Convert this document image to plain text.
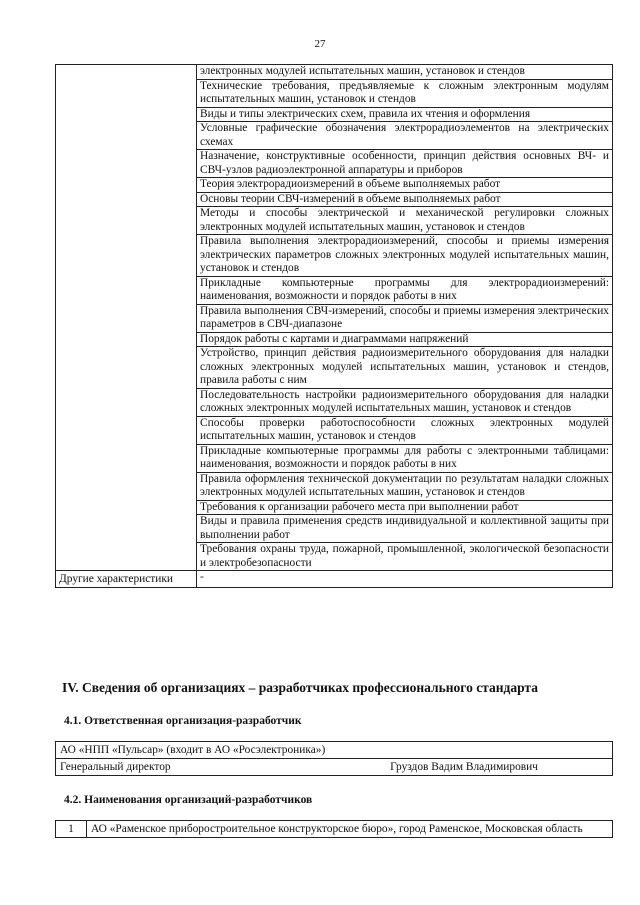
27
	электронных модулей испытательных машин, установок и стендов
	Технические требования, предъявляемые к сложным электронным модулям испытательных машин, установок и стендов
	Виды и типы электрических схем, правила их чтения и оформления
	Условные графические обозначения электрорадиоэлементов на электрических схемах
	Назначение, конструктивные особенности, принцип действия основных ВЧ- и СВЧ-узлов радиоэлектронной аппаратуры и приборов
	Теория электрорадиоизмерений в объеме выполняемых работ
	Основы теории СВЧ-измерений в объеме выполняемых работ
	Методы и способы электрической и механической регулировки сложных электронных модулей испытательных машин, установок и стендов
	Правила выполнения электрорадиоизмерений, способы и приемы измерения электрических параметров сложных электронных модулей испытательных машин, установок и стендов
	Прикладные компьютерные программы для электрорадиоизмерений: наименования, возможности и порядок работы в них
	Правила выполнения СВЧ-измерений, способы и приемы измерения электрических параметров в СВЧ-диапазоне
	Порядок работы с картами и диаграммами напряжений
	Устройство, принцип действия радиоизмерительного оборудования для наладки сложных электронных модулей испытательных машин, установок и стендов, правила работы с ним
	Последовательность настройки радиоизмерительного оборудования для наладки сложных электронных модулей испытательных машин, установок и стендов
	Способы проверки работоспособности сложных электронных модулей испытательных машин, установок и стендов
	Прикладные компьютерные программы для работы с электронными таблицами: наименования, возможности и порядок работы в них
	Правила оформления технической документации по результатам наладки сложных электронных модулей испытательных машин, установок и стендов
	Требования к организации рабочего места при выполнении работ
	Виды и правила применения средств индивидуальной и коллективной защиты при выполнении работ
	Требования охраны труда, пожарной, промышленной, экологической безопасности и электробезопасности
Другие характеристики	-
IV. Сведения об организациях – разработчиках профессионального стандарта
4.1. Ответственная организация-разработчик
АО «НПП «Пульсар» (входит в АО «Росэлектроника»)
Генеральный директор	Груздов Вадим Владимирович
4.2. Наименования организаций-разработчиков
1	АО «Раменское приборостроительное конструкторское бюро», город Раменское, Московская область
